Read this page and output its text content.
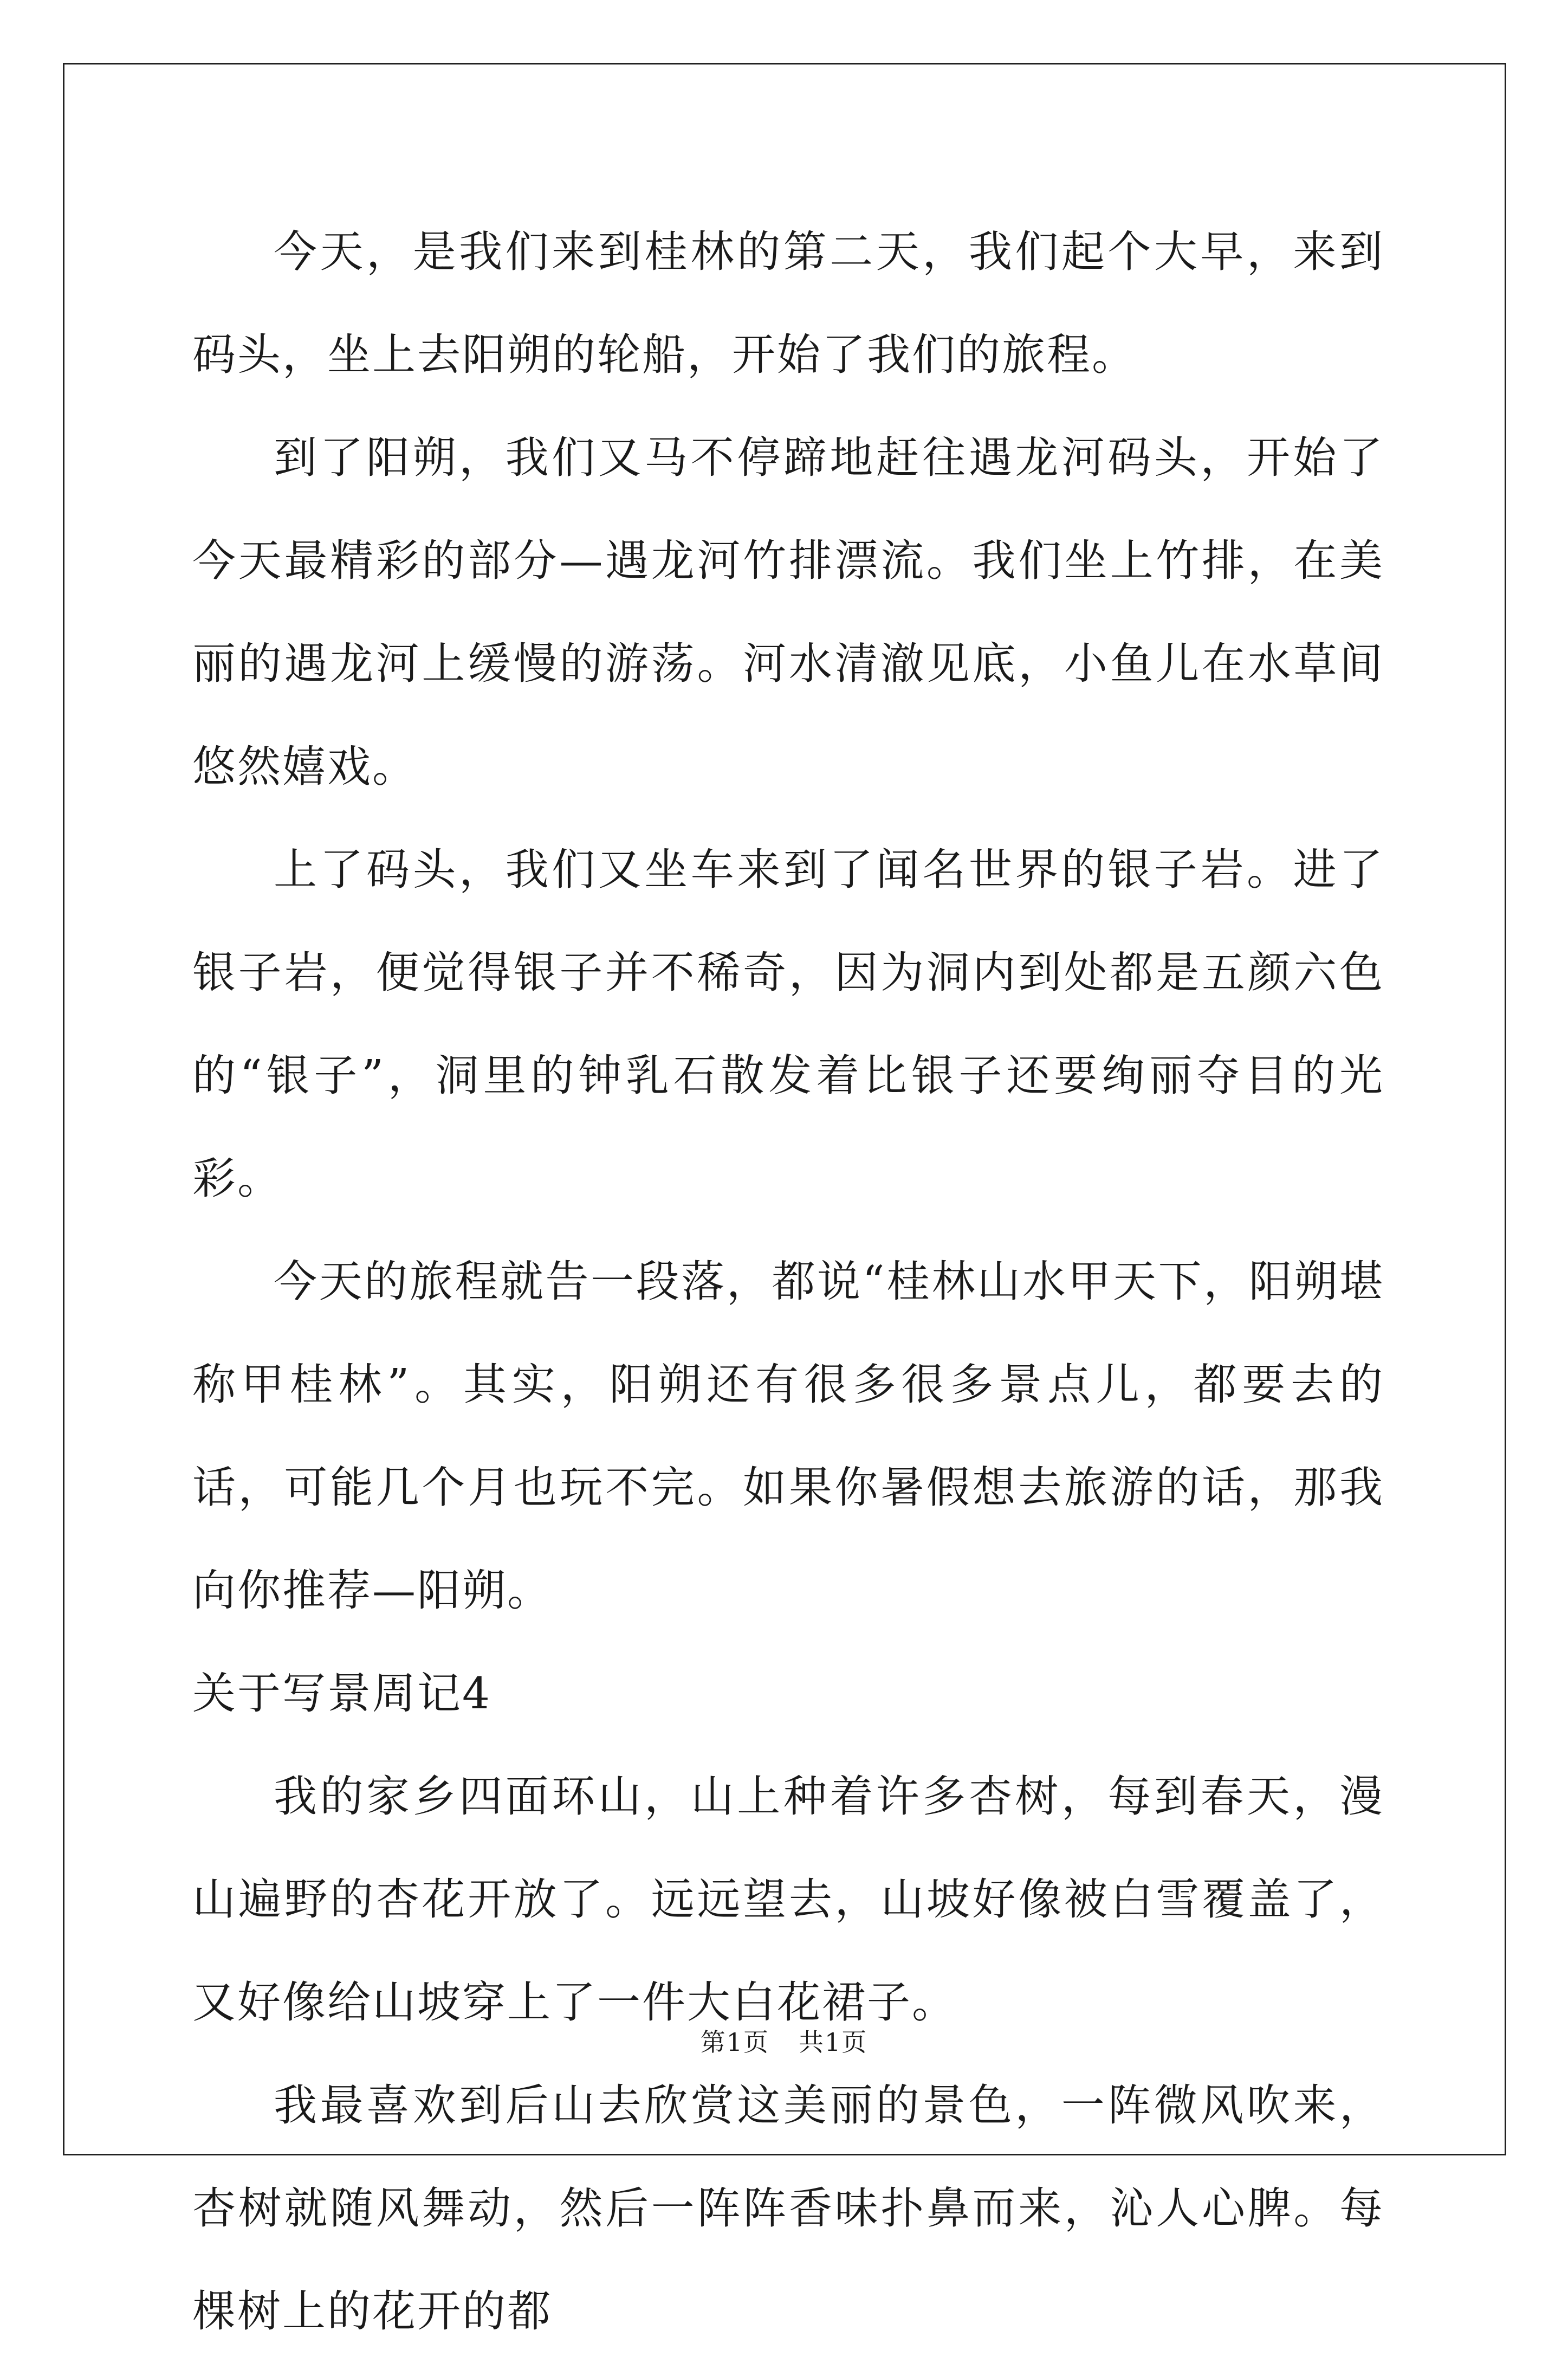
今天，是我们来到桂林的第二天，我们起个大早，来到码头，坐上去阳朔的轮船，开始了我们的旅程。

到了阳朔，我们又马不停蹄地赶往遇龙河码头，开始了今天最精彩的部分—遇龙河竹排漂流。我们坐上竹排，在美丽的遇龙河上缓慢的游荡。河水清澈见底，小鱼儿在水草间悠然嬉戏。

上了码头，我们又坐车来到了闻名世界的银子岩。进了银子岩，便觉得银子并不稀奇，因为洞内到处都是五颜六色的“银子”，洞里的钟乳石散发着比银子还要绚丽夺目的光彩。

今天的旅程就告一段落，都说“桂林山水甲天下，阳朔堪称甲桂林”。其实，阳朔还有很多很多景点儿，都要去的话，可能几个月也玩不完。如果你暑假想去旅游的话，那我向你推荐—阳朔。

关于写景周记4

我的家乡四面环山，山上种着许多杏树，每到春天，漫山遍野的杏花开放了。远远望去，山坡好像被白雪覆盖了，又好像给山坡穿上了一件大白花裙子。

我最喜欢到后山去欣赏这美丽的景色，一阵微风吹来，杏树就随风舞动，然后一阵阵香味扑鼻而来，沁人心脾。每棵树上的花开的都

第1页 共1页
